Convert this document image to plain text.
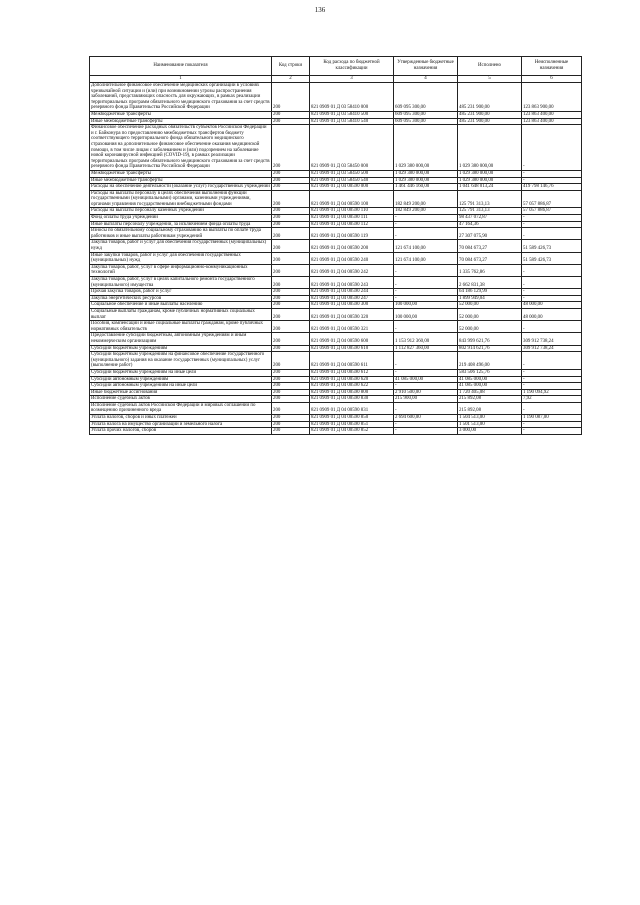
136
Наименование показателя	Код строки	Код расхода по бюджетной классификации	Утвержденные бюджетные назначения	Исполнено	Неисполненные назначения
1	2	3	4	5	6
Дополнительное финансовое обеспечение медицинских организаций в условиях чрезвычайной ситуации и (или) при возникновении угрозы распространения заболеваний, представляющих опасность для окружающих, в рамках реализации территориальных программ обязательного медицинского страхования за счет средств резервного фонда Правительства Российской Федерации	200	821 0909 01 Д 03 58410 000	609 095 300,00	485 231 900,00	123 863 900,00
Межбюджетные трансферты	200	821 0909 01 Д 03 58410 500	609 095 300,00	485 231 900,00	123 863 400,00
Иные межбюджетные трансферты	200	821 0909 01 Д 03 58410 540	609 095 300,00	485 231 900,00	123 863 400,00
Финансовое обеспечение расходных обязательств субъектов Российской Федерации и г. Байконура по предоставлению межбюджетных трансфертов бюджету соответствующего территориального фонда обязательного медицинского страхования на дополнительное финансовое обеспечение оказания медицинской помощи, в том числе лицам с заболеванием и (или) подозрением на заболевание новой коронавирусной инфекцией (COVID-19), в рамках реализации территориальных программ обязательного медицинского страхования за счет средств резервного фонда Правительства Российской Федерации	200	821 0909 01 Д 03 58450 000	1 029 380 000,00	1 029 380 000,00	-
Межбюджетные трансферты	200	821 0909 01 Д 03 58450 500	1 029 380 000,00	1 029 380 000,00	-
Иные межбюджетные трансферты	200	821 0909 01 Д 03 58450 540	1 029 380 000,00	1 029 380 000,00	-
Расходы на обеспечение деятельности (оказание услуг) государственных учреждений	200	821 0909 01 Д 04 00590 000	1 461 446 160,00	1 041 648 013,24	419 798 146,76
Расходы на выплаты персоналу в целях обеспечения выполнения функций государственными (муниципальными) органами, казенными учреждениями, органами управления государственными внебюджетными фондами	200	821 0909 01 Д 04 00590 100	182 849 200,00	125 791 313,13	57 057 886,87
Расходы на выплаты персоналу казенных учреждений	200	821 0909 01 Д 04 00590 110	182 849 200,00	125 791 313,13	57 057 886,87
Фонд оплаты труда учреждений	200	821 0909 01 Д 04 00590 111	-	98 437 072,87	-
Иные выплаты персоналу учреждений, за исключением фонда оплаты труда	200	821 0909 01 Д 04 00590 112	-	47 164,36	-
Взносы по обязательному социальному страхованию на выплаты по оплате труда работников и иные выплаты работникам учреждений	200	821 0909 01 Д 04 00590 119	-	27 307 075,90	-
Закупка товаров, работ и услуг для обеспечения государственных (муниципальных) нужд	200	821 0909 01 Д 04 00590 200	121 674 100,00	70 084 673,27	51 589 426,73
Иные закупки товаров, работ и услуг для обеспечения государственных (муниципальных) нужд	200	821 0909 01 Д 04 00590 240	121 674 100,00	70 084 673,27	51 589 426,73
Закупка товаров, работ, услуг в сфере информационно-коммуникационных технологий	200	821 0909 01 Д 04 00590 242	-	1 335 762,86	-
Закупка товаров, работ, услуг в целях капитального ремонта государственного (муниципального) имущества	200	821 0909 01 Д 04 00590 243	-	2 662 831,38	-
Прочая закупка товаров, работ и услуг	200	821 0909 01 Д 04 00590 244	-	64 186 129,99	-
Закупка энергетических ресурсов	200	821 0909 01 Д 04 00590 247	-	1 899 949,04	-
Социальное обеспечение и иные выплаты населению	200	821 0909 01 Д 04 00590 300	100 000,00	52 000,00	48 000,00
Социальные выплаты гражданам, кроме публичных нормативных социальных выплат	200	821 0909 01 Д 04 00590 320	100 000,00	52 000,00	48 000,00
Пособия, компенсации и иные социальные выплаты гражданам, кроме публичных нормативных обязательств	200	821 0909 01 Д 04 00590 321	-	52 000,00	-
Предоставление субсидий бюджетным, автономным учреждениям и иным некоммерческим организациям	200	821 0909 01 Д 04 00590 600	1 153 912 360,00	843 999 621,76	309 912 738,24
Субсидии бюджетным учреждениям	200	821 0909 01 Д 04 00590 610	1 112 827 360,00	802 914 621,76	309 912 738,24
Субсидии бюджетным учреждениям на финансовое обеспечение государственного (муниципального) задания на оказание государственных (муниципальных) услуг (выполнение работ)	200	821 0909 01 Д 04 00590 611	-	219 408 496,00	-
Субсидии бюджетным учреждениям на иные цели	200	821 0909 01 Д 04 00590 612	-	583 506 125,76	-
Субсидии автономным учреждениям	200	821 0909 01 Д 04 00590 620	41 085 000,00	41 085 000,00	-
Субсидии автономным учреждениям на иные цели	200	821 0909 01 Д 04 00590 622	-	41 085 000,00	-
Иные бюджетные ассигнования	200	821 0909 01 Д 04 00590 800	2 910 500,00	1 720 405,08	1 190 094,92
Исполнение судебных актов	200	821 0909 01 Д 04 00590 830	215 900,00	215 892,08	7,92
Исполнение судебных актов Российской Федерации и мировых соглашений по возмещению причиненного вреда	200	821 0909 01 Д 04 00590 831	-	215 892,08	-
Уплата налогов, сборов и иных платежей	200	821 0909 01 Д 04 00590 850	2 694 600,00	1 504 513,00	1 190 087,00
Уплата налога на имущество организаций и земельного налога	200	821 0909 01 Д 04 00590 851	-	1 501 513,00	-
Уплата прочих налогов, сборов	200	821 0909 01 Д 04 00590 852	-	3 000,00	-
